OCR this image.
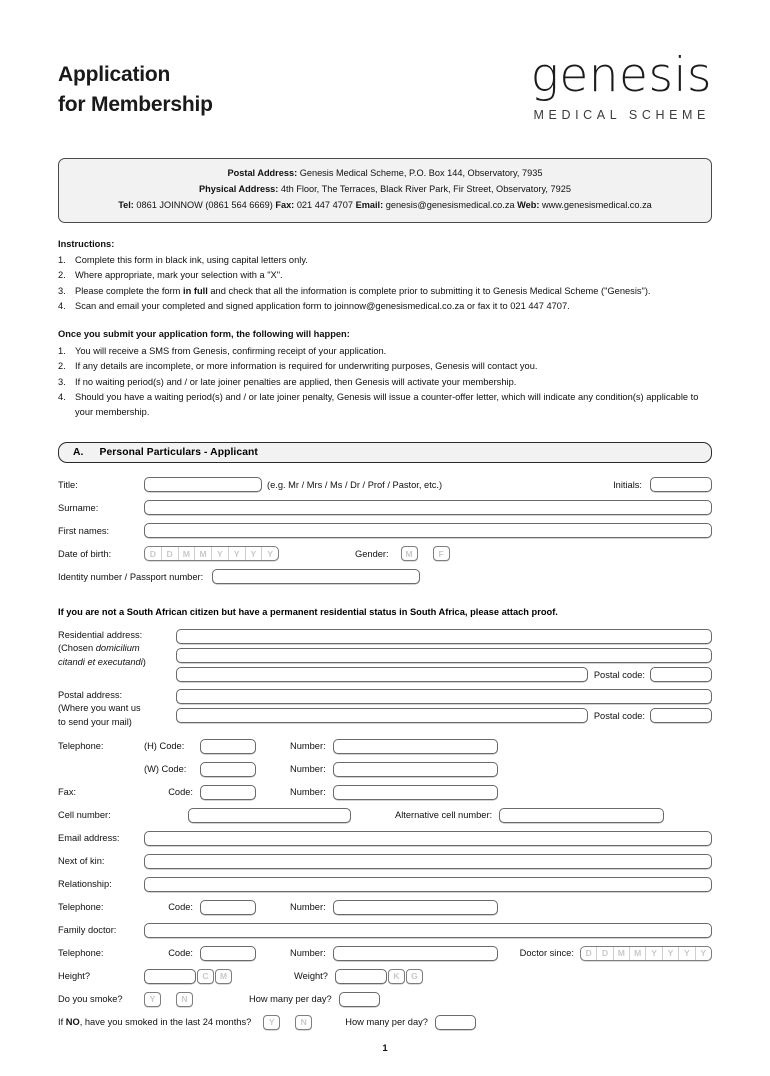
Application
for Membership
genesis
MEDICAL SCHEME
Postal Address: Genesis Medical Scheme, P.O. Box 144, Observatory, 7935
Physical Address: 4th Floor, The Terraces, Black River Park, Fir Street, Observatory, 7925
Tel: 0861 JOINNOW (0861 564 6669) Fax: 021 447 4707 Email: genesis@genesismedical.co.za Web: www.genesismedical.co.za
Instructions:
1. Complete this form in black ink, using capital letters only.
2. Where appropriate, mark your selection with a "X".
3. Please complete the form in full and check that all the information is complete prior to submitting it to Genesis Medical Scheme ("Genesis").
4. Scan and email your completed and signed application form to joinnow@genesismedical.co.za or fax it to 021 447 4707.
Once you submit your application form, the following will happen:
1. You will receive a SMS from Genesis, confirming receipt of your application.
2. If any details are incomplete, or more information is required for underwriting purposes, Genesis will contact you.
3. If no waiting period(s) and / or late joiner penalties are applied, then Genesis will activate your membership.
4. Should you have a waiting period(s) and / or late joiner penalty, Genesis will issue a counter-offer letter, which will indicate any condition(s) applicable to your membership.
A. Personal Particulars - Applicant
Title:	(e.g. Mr / Mrs / Ms / Dr / Prof / Pastor, etc.)	Initials:
Surname:
First names:
Date of birth:	D	D	M	M	Y	Y	Y	Y	Gender:	M	F
Identity number / Passport number:
If you are not a South African citizen but have a permanent residential status in South Africa, please attach proof.
Residential address:
(Chosen domicilium
citandi et executandi)
Postal code:
Postal address:
(Where you want us
to send your mail)
Postal code:
Telephone:	(H) Code:	Number:
(W) Code:	Number:
Fax:	Code:	Number:
Cell number:	Alternative cell number:
Email address:
Next of kin:
Relationship:
Telephone:	Code:	Number:
Family doctor:
Telephone:	Code:	Number:	Doctor since:	D	D	M	M	Y	Y	Y	Y
Height?	C	M	Weight?	K	G
Do you smoke?	Y	N	How many per day?
If NO, have you smoked in the last 24 months?	Y	N	How many per day?
1
